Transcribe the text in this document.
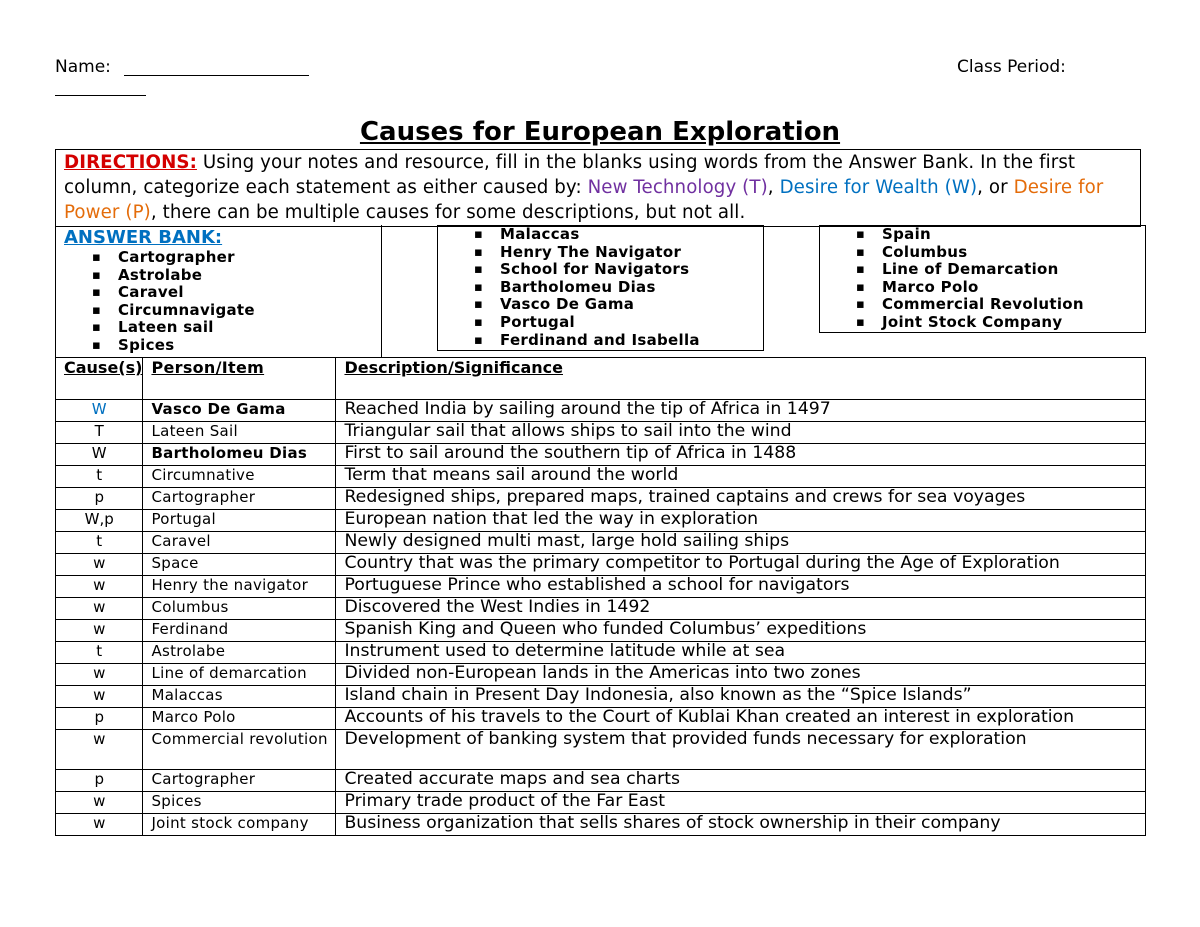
Name:	Class Period:
Causes for European Exploration
DIRECTIONS: Using your notes and resource, fill in the blanks using words from the Answer Bank. In the first column, categorize each statement as either caused by: New Technology (T), Desire for Wealth (W), or Desire for Power (P), there can be multiple causes for some descriptions, but not all.
ANSWER BANK:
▪ Cartographer
▪ Astrolabe
▪ Caravel
▪ Circumnavigate
▪ Lateen sail
▪ Spices
▪ Malaccas
▪ Henry The Navigator
▪ School for Navigators
▪ Bartholomeu Dias
▪ Vasco De Gama
▪ Portugal
▪ Ferdinand and Isabella
▪ Spain
▪ Columbus
▪ Line of Demarcation
▪ Marco Polo
▪ Commercial Revolution
▪ Joint Stock Company
Cause(s)	Person/Item	Description/Significance
W	Vasco De Gama	Reached India by sailing around the tip of Africa in 1497
T	Lateen Sail	Triangular sail that allows ships to sail into the wind
W	Bartholomeu Dias	First to sail around the southern tip of Africa in 1488
t	Circumnative	Term that means sail around the world
p	Cartographer	Redesigned ships, prepared maps, trained captains and crews for sea voyages
W,p	Portugal	European nation that led the way in exploration
t	Caravel	Newly designed multi mast, large hold sailing ships
w	Space	Country that was the primary competitor to Portugal during the Age of Exploration
w	Henry the navigator	Portuguese Prince who established a school for navigators
w	Columbus	Discovered the West Indies in 1492
w	Ferdinand	Spanish King and Queen who funded Columbus’ expeditions
t	Astrolabe	Instrument used to determine latitude while at sea
w	Line of demarcation	Divided non-European lands in the Americas into two zones
w	Malaccas	Island chain in Present Day Indonesia, also known as the “Spice Islands”
p	Marco Polo	Accounts of his travels to the Court of Kublai Khan created an interest in exploration
w	Commercial revolution	Development of banking system that provided funds necessary for exploration
p	Cartographer	Created accurate maps and sea charts
w	Spices	Primary trade product of the Far East
w	Joint stock company	Business organization that sells shares of stock ownership in their company
